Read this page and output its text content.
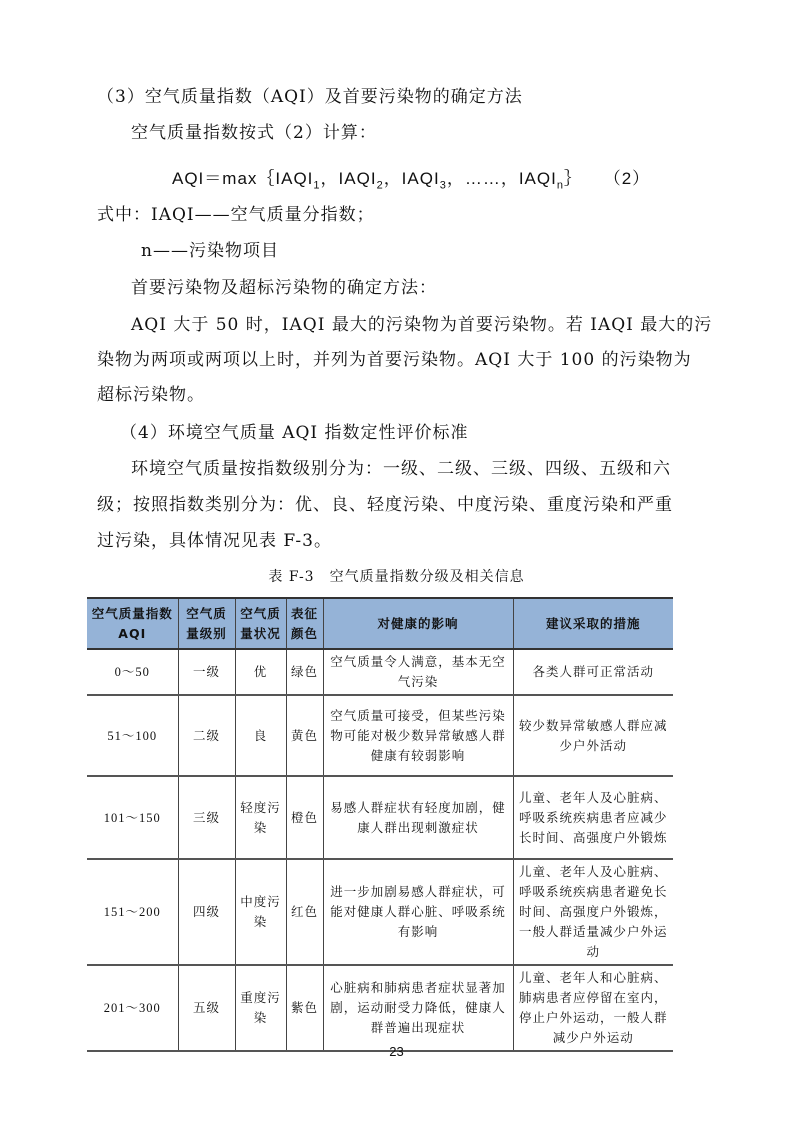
（3）空气质量指数（AQI）及首要污染物的确定方法
空气质量指数按式（2）计算：
$AQI=\max\{IAQI_1$，$IAQI_2$，$IAQI_3$，……，$IAQI_n\}$ （2）
式中：IAQI——空气质量分指数；
n——污染物项目
首要污染物及超标污染物的确定方法：
AQI 大于 50 时，IAQI 最大的污染物为首要污染物。若 IAQI 最大的污
染物为两项或两项以上时，并列为首要污染物。AQI 大于 100 的污染物为
超标污染物。
（4）环境空气质量 AQI 指数定性评价标准
环境空气质量按指数级别分为：一级、二级、三级、四级、五级和六
级；按照指数类别分为：优、良、轻度污染、中度污染、重度污染和严重
过污染，具体情况见表 F-3。
表 F-3　空气质量指数分级及相关信息
空气质量指数AQI	空气质量级别	空气质量状况	表征颜色	对健康的影响	建议采取的措施
0～50	一级	优	绿色	空气质量令人满意，基本无空气污染	各类人群可正常活动
51～100	二级	良	黄色	空气质量可接受，但某些污染物可能对极少数异常敏感人群健康有较弱影响	较少数异常敏感人群应减少户外活动
101～150	三级	轻度污染	橙色	易感人群症状有轻度加剧，健康人群出现刺激症状	儿童、老年人及心脏病、呼吸系统疾病患者应减少长时间、高强度户外锻炼
151～200	四级	中度污染	红色	进一步加剧易感人群症状，可能对健康人群心脏、呼吸系统有影响	儿童、老年人及心脏病、呼吸系统疾病患者避免长时间、高强度户外锻炼，一般人群适量减少户外运动
201～300	五级	重度污染	紫色	心脏病和肺病患者症状显著加剧，运动耐受力降低，健康人群普遍出现症状	儿童、老年人和心脏病、肺病患者应停留在室内，停止户外运动，一般人群减少户外运动
23
